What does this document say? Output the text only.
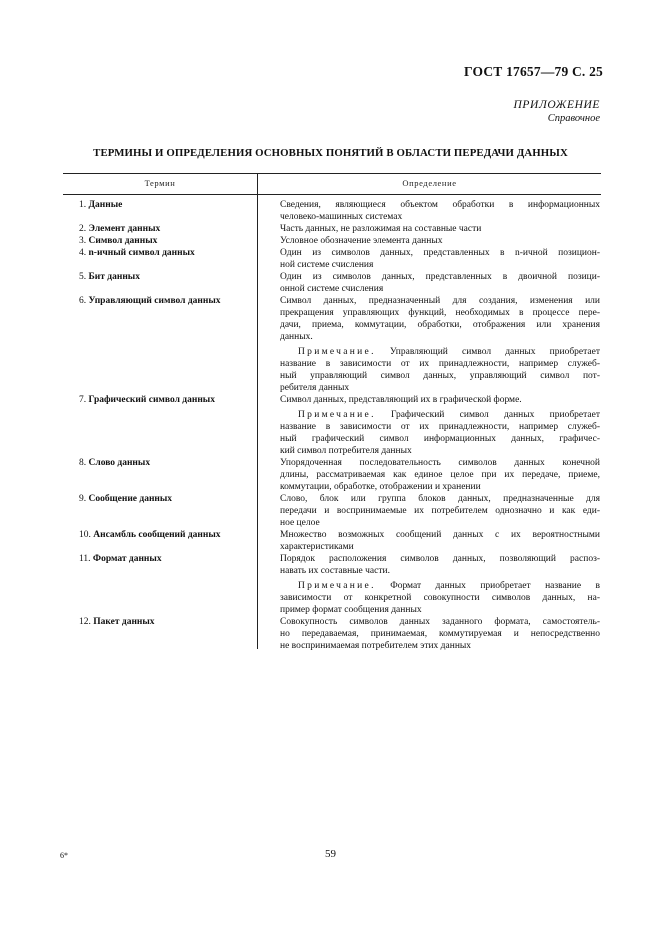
ГОСТ 17657—79 С. 25
ПРИЛОЖЕНИЕ
Справочное
ТЕРМИНЫ И ОПРЕДЕЛЕНИЯ ОСНОВНЫХ ПОНЯТИЙ В ОБЛАСТИ ПЕРЕДАЧИ ДАННЫХ
Термин	Определение
1. Данные	Сведения, являющиеся объектом обработки в информационных
человеко-машинных системах
2. Элемент данных	Часть данных, не разложимая на составные части
3. Символ данных	Условное обозначение элемента данных
4. n-ичный символ данных	Один из символов данных, представленных в n-ичной позицион-
ной системе счисления
5. Бит данных	Один из символов данных, представленных в двоичной позици-
онной системе счисления
6. Управляющий символ данных	Символ данных, предназначенный для создания, изменения или
прекращения управляющих функций, необходимых в процессе пере-
дачи, приема, коммутации, обработки, отображения или хранения
данных.
Примечание. Управляющий символ данных приобретает
название в зависимости от их принадлежности, например служеб-
ный управляющий символ данных, управляющий символ пот-
ребителя данных
7. Графический символ данных	Символ данных, представляющий их в графической форме.
Примечание. Графический символ данных приобретает
название в зависимости от их принадлежности, например служеб-
ный графический символ информационных данных, графичес-
кий символ потребителя данных
8. Слово данных	Упорядоченная последовательность символов данных конечной
длины, рассматриваемая как единое целое при их передаче, приеме,
коммутации, обработке, отображении и хранении
9. Сообщение данных	Слово, блок или группа блоков данных, предназначенные для
передачи и воспринимаемые их потребителем однозначно и как еди-
ное целое
10. Ансамбль сообщений данных	Множество возможных сообщений данных с их вероятностными
характеристиками
11. Формат данных	Порядок расположения символов данных, позволяющий распоз-
навать их составные части.
Примечание. Формат данных приобретает название в
зависимости от конкретной совокупности символов данных, на-
пример формат сообщения данных
12. Пакет данных	Совокупность символов данных заданного формата, самостоятель-
но передаваемая, принимаемая, коммутируемая и непосредственно
не воспринимаемая потребителем этих данных
6*	59
